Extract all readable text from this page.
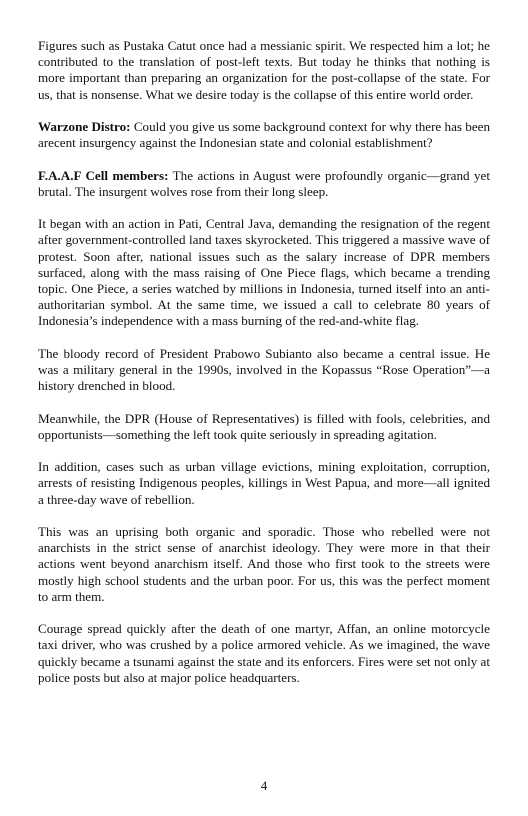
Figures such as Pustaka Catut once had a messianic spirit. We respected him a lot; he contributed to the translation of post-left texts. But today he thinks that nothing is more important than preparing an organization for the post-collapse of the state. For us, that is nonsense. What we desire today is the collapse of this entire world order.

Warzone Distro: Could you give us some background context for why there has been arecent insurgency against the Indonesian state and colonial establishment?

F.A.A.F Cell members: The actions in August were profoundly organic—grand yet brutal. The insurgent wolves rose from their long sleep.

It began with an action in Pati, Central Java, demanding the resignation of the regent after government-controlled land taxes skyrocketed. This triggered a massive wave of protest. Soon after, national issues such as the salary increase of DPR members surfaced, along with the mass raising of One Piece flags, which became a trending topic. One Piece, a series watched by millions in Indonesia, turned itself into an anti-authoritarian symbol. At the same time, we issued a call to celebrate 80 years of Indonesia’s independence with a mass burning of the red-and-white flag.

The bloody record of President Prabowo Subianto also became a central issue. He was a military general in the 1990s, involved in the Kopassus “Rose Operation”—a history drenched in blood.

Meanwhile, the DPR (House of Representatives) is filled with fools, celebrities, and opportunists—something the left took quite seriously in spreading agitation.

In addition, cases such as urban village evictions, mining exploitation, corruption, arrests of resisting Indigenous peoples, killings in West Papua, and more—all ignited a three-day wave of rebellion.

This was an uprising both organic and sporadic. Those who rebelled were not anarchists in the strict sense of anarchist ideology. They were more in that their actions went beyond anarchism itself. And those who first took to the streets were mostly high school students and the urban poor. For us, this was the perfect moment to arm them.

Courage spread quickly after the death of one martyr, Affan, an online motorcycle taxi driver, who was crushed by a police armored vehicle. As we imagined, the wave quickly became a tsunami against the state and its enforcers. Fires were set not only at police posts but also at major police headquarters.

4
